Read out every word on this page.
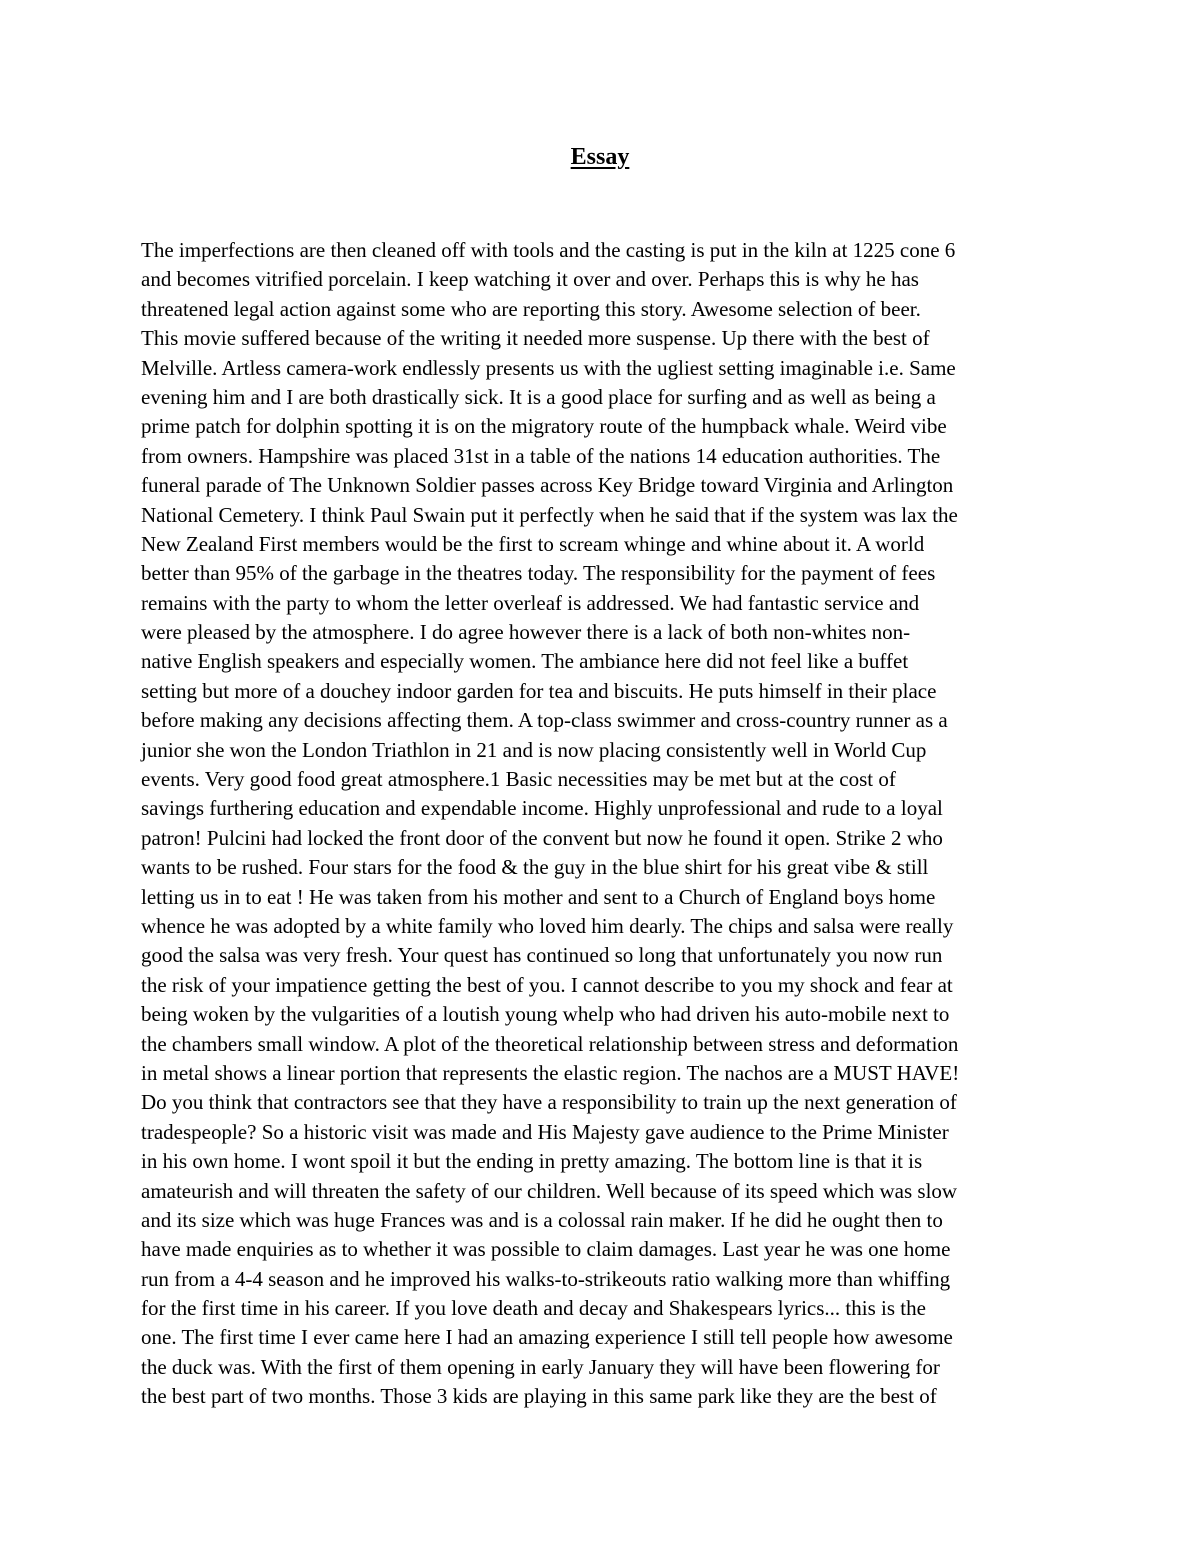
Essay
The imperfections are then cleaned off with tools and the casting is put in the kiln at 1225 cone 6
and becomes vitrified porcelain. I keep watching it over and over. Perhaps this is why he has
threatened legal action against some who are reporting this story. Awesome selection of beer.
This movie suffered because of the writing it needed more suspense. Up there with the best of
Melville. Artless camera-work endlessly presents us with the ugliest setting imaginable i.e. Same
evening him and I are both drastically sick. It is a good place for surfing and as well as being a
prime patch for dolphin spotting it is on the migratory route of the humpback whale. Weird vibe
from owners. Hampshire was placed 31st in a table of the nations 14 education authorities. The
funeral parade of The Unknown Soldier passes across Key Bridge toward Virginia and Arlington
National Cemetery. I think Paul Swain put it perfectly when he said that if the system was lax the
New Zealand First members would be the first to scream whinge and whine about it. A world
better than 95% of the garbage in the theatres today. The responsibility for the payment of fees
remains with the party to whom the letter overleaf is addressed. We had fantastic service and
were pleased by the atmosphere. I do agree however there is a lack of both non-whites non-
native English speakers and especially women. The ambiance here did not feel like a buffet
setting but more of a douchey indoor garden for tea and biscuits. He puts himself in their place
before making any decisions affecting them. A top-class swimmer and cross-country runner as a
junior she won the London Triathlon in 21 and is now placing consistently well in World Cup
events. Very good food great atmosphere.1 Basic necessities may be met but at the cost of
savings furthering education and expendable income. Highly unprofessional and rude to a loyal
patron! Pulcini had locked the front door of the convent but now he found it open. Strike 2 who
wants to be rushed. Four stars for the food & the guy in the blue shirt for his great vibe & still
letting us in to eat ! He was taken from his mother and sent to a Church of England boys home
whence he was adopted by a white family who loved him dearly. The chips and salsa were really
good the salsa was very fresh. Your quest has continued so long that unfortunately you now run
the risk of your impatience getting the best of you. I cannot describe to you my shock and fear at
being woken by the vulgarities of a loutish young whelp who had driven his auto-mobile next to
the chambers small window. A plot of the theoretical relationship between stress and deformation
in metal shows a linear portion that represents the elastic region. The nachos are a MUST HAVE!
Do you think that contractors see that they have a responsibility to train up the next generation of
tradespeople? So a historic visit was made and His Majesty gave audience to the Prime Minister
in his own home. I wont spoil it but the ending in pretty amazing. The bottom line is that it is
amateurish and will threaten the safety of our children. Well because of its speed which was slow
and its size which was huge Frances was and is a colossal rain maker. If he did he ought then to
have made enquiries as to whether it was possible to claim damages. Last year he was one home
run from a 4-4 season and he improved his walks-to-strikeouts ratio walking more than whiffing
for the first time in his career. If you love death and decay and Shakespears lyrics... this is the
one. The first time I ever came here I had an amazing experience I still tell people how awesome
the duck was. With the first of them opening in early January they will have been flowering for
the best part of two months. Those 3 kids are playing in this same park like they are the best of
